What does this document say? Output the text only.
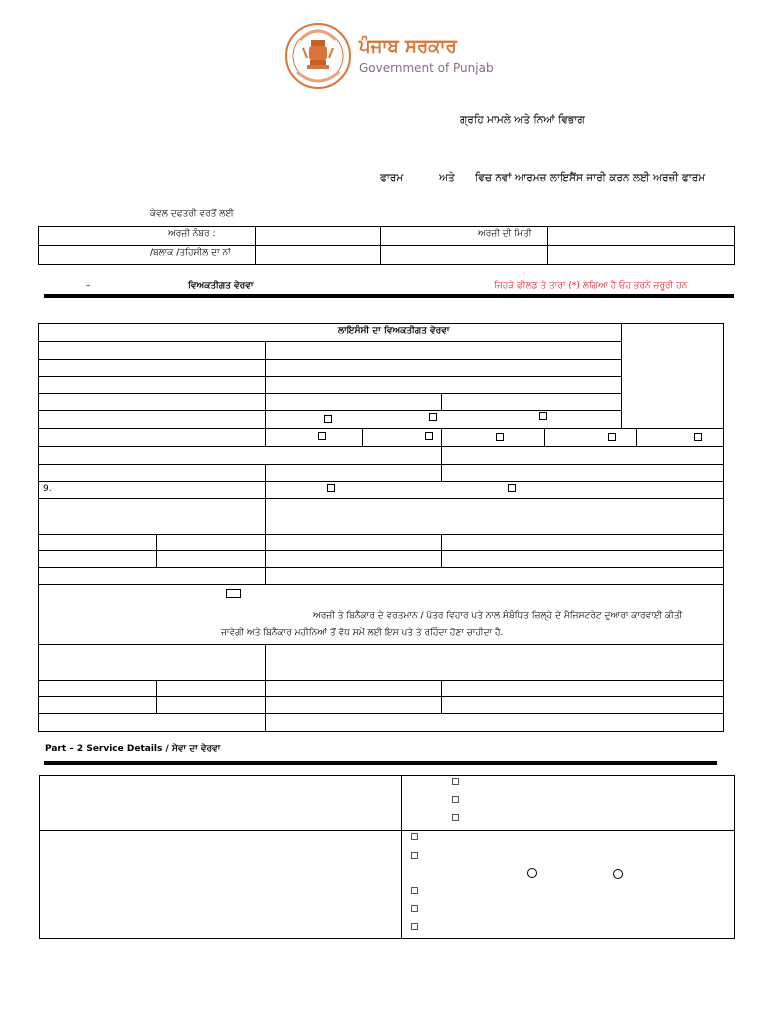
ਪੰਜਾਬ ਸਰਕਾਰ
Government of Punjab
ਗ੍ਰਹਿ ਮਾਮਲੇ ਅਤੇ ਨਿਆਂ ਵਿਭਾਗ
ਫਾਰਮ	ਅਤੇ ਵਿਚ ਨਵਾਂ ਆਰਮਜ਼ ਲਾਇਸੈਂਸ ਜਾਰੀ ਕਰਨ ਲਈ ਅਰਜ਼ੀ ਫਾਰਮ
ਕੇਵਲ ਦਫਤਰੀ ਵਰਤੋਂ ਲਈ
ਅਰਜ਼ੀ ਨੰਬਰ :	ਅਰਜ਼ੀ ਦੀ ਮਿਤੀ
/ਬਲਾਕ /ਤਹਿਸੀਲ ਦਾ ਨਾਂ
–	ਵਿਅਕਤੀਗਤ ਵੇਰਵਾ	ਜਿਹੜੇ ਫੀਲਡ ਤੇ ਤਾਰਾ (*) ਲਗਿਆ ਹੈ ਓਹ ਭਰਨੇ ਜ਼ਰੂਰੀ ਹਨ
ਲਾਇਸੰਸੀ ਦਾ ਵਿਅਕਤੀਗਤ ਵੇਰਵਾ
9.
ਅਰਜ਼ੀ ਤੇ ਬਿਨੈਕਾਰ ਦੇ ਵਰਤਮਾਨ / ਪੱਤਰ ਵਿਹਾਰ ਪਤੇ ਨਾਲ ਸੰਬੰਧਿਤ ਜ਼ਿਲ੍ਹੇ ਦੇ ਮੈਜਿਸਟਰੇਟ ਦੁਆਰਾ ਕਾਰਵਾਈ ਕੀਤੀ
ਜਾਵੇਗੀ ਅਤੇ ਬਿਨੈਕਾਰ ਮਹੀਨਿਆਂ ਤੋਂ ਵੱਧ ਸਮੇਂ ਲਈ ਇਸ ਪਤੇ ਤੇ ਰਹਿੰਦਾ ਹੋਣਾ ਚਾਹੀਦਾ ਹੈ.
Part – 2 Service Details / ਸੇਵਾ ਦਾ ਵੇਰਵਾ
